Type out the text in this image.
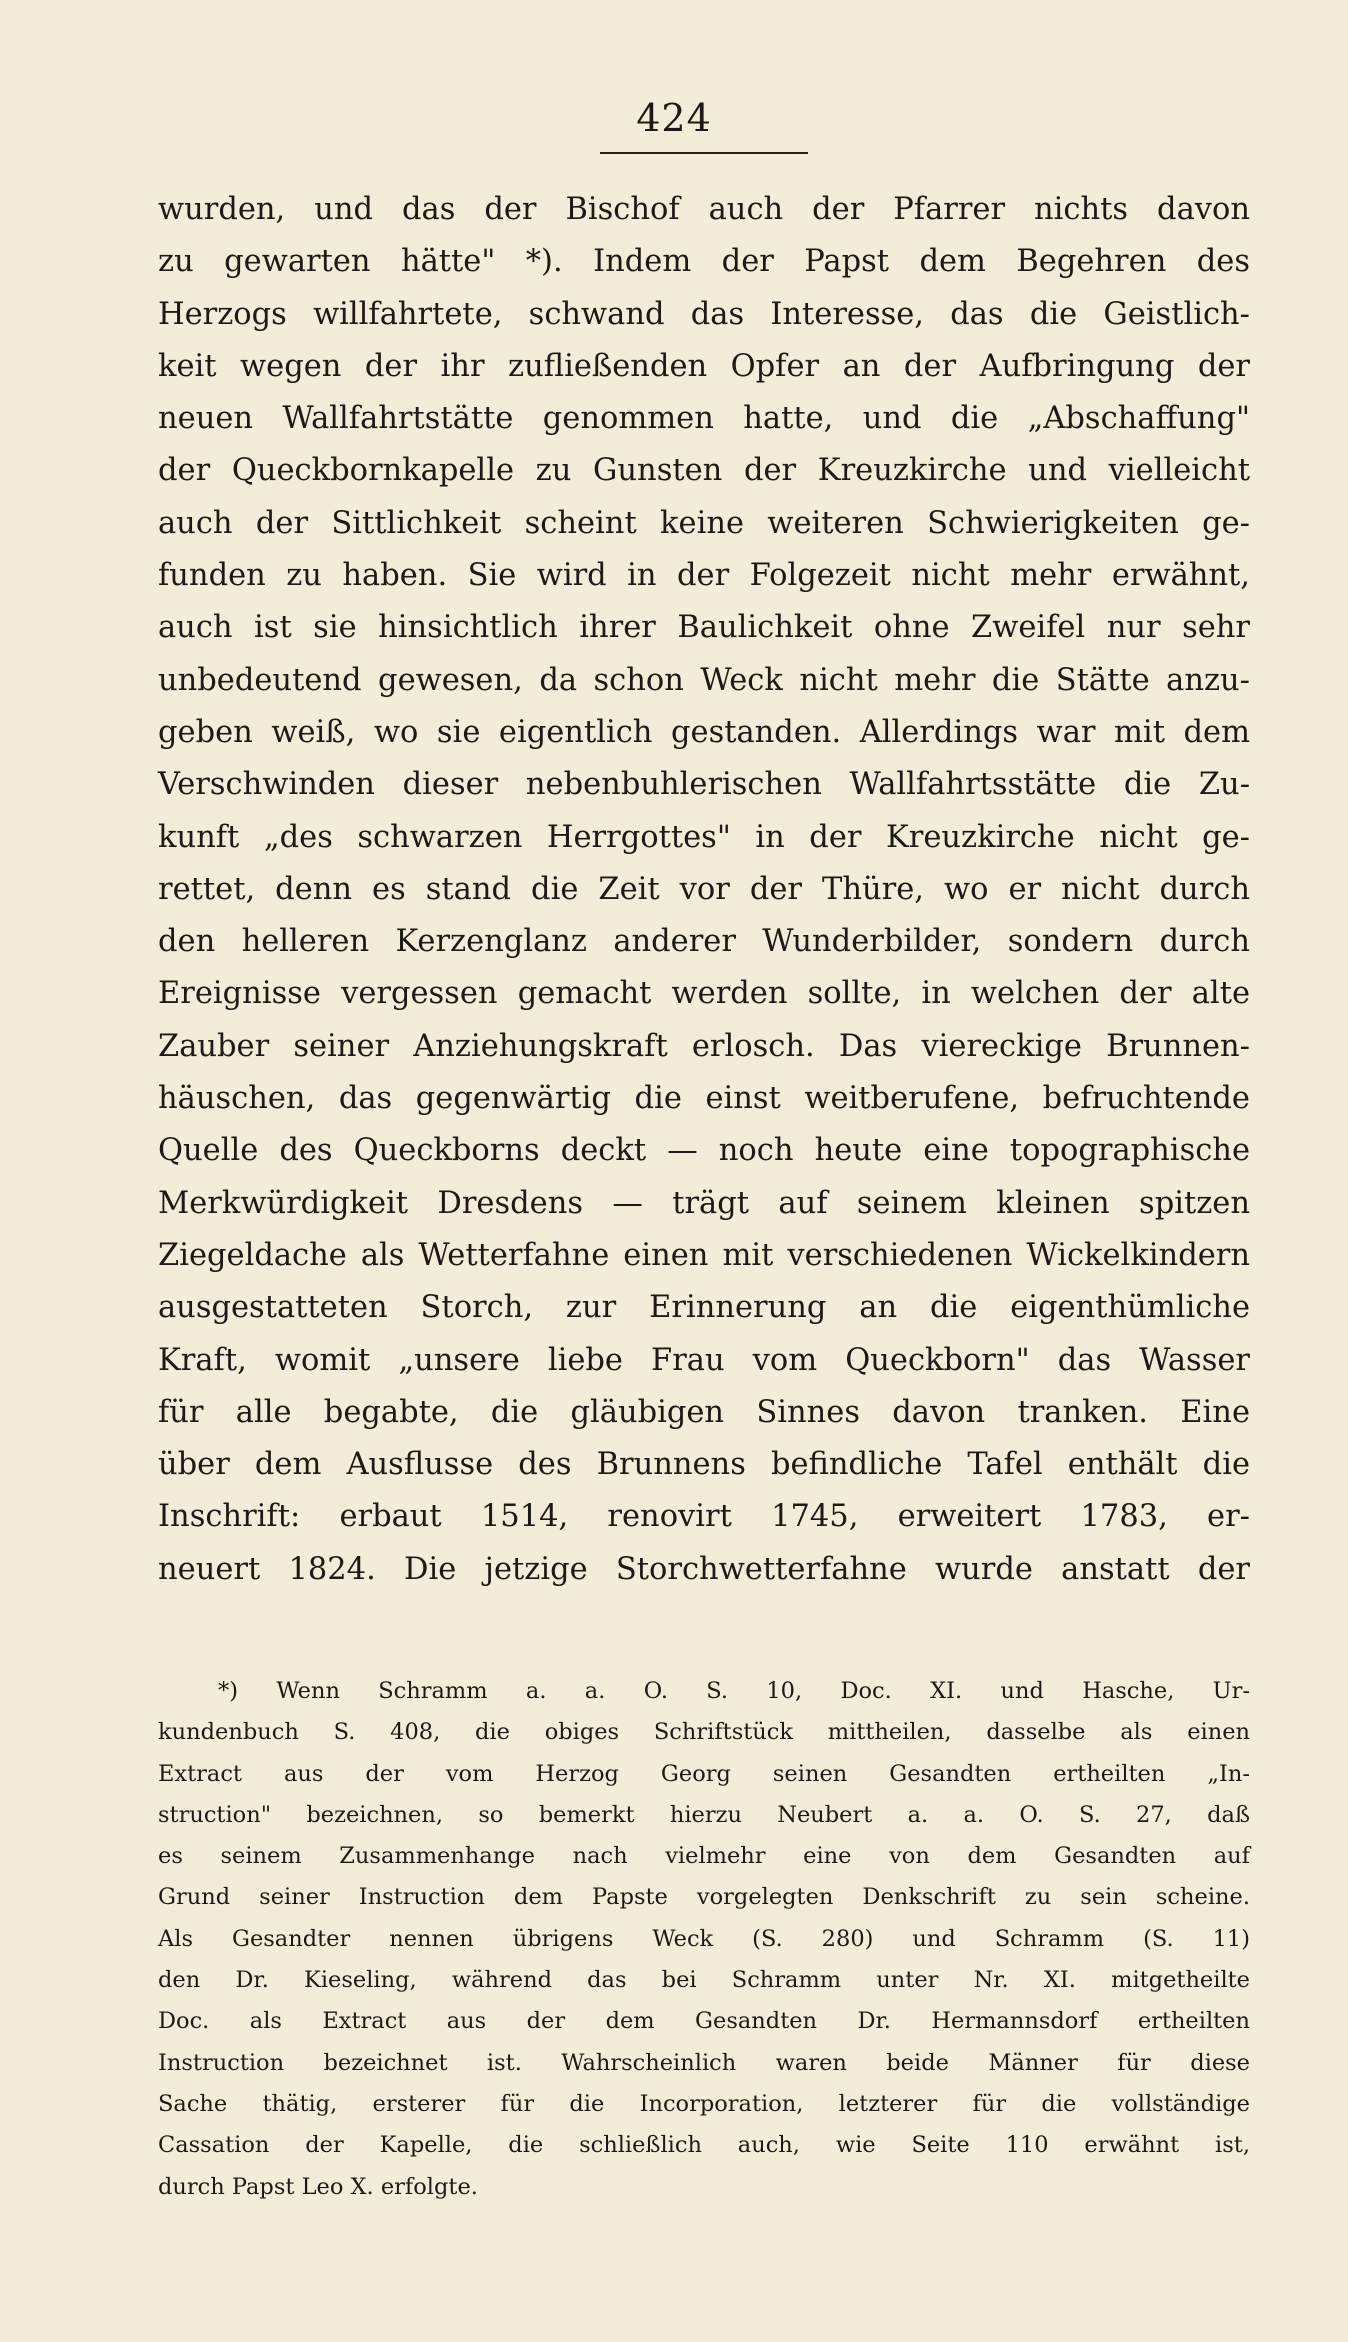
424
wurden, und das der Bischof auch der Pfarrer nichts davon
zu gewarten hätte" *). Indem der Papst dem Begehren des
Herzogs willfahrtete, schwand das Interesse, das die Geistlich-
keit wegen der ihr zufließenden Opfer an der Aufbringung der
neuen Wallfahrtstätte genommen hatte, und die „Abschaffung"
der Queckbornkapelle zu Gunsten der Kreuzkirche und vielleicht
auch der Sittlichkeit scheint keine weiteren Schwierigkeiten ge-
funden zu haben. Sie wird in der Folgezeit nicht mehr erwähnt,
auch ist sie hinsichtlich ihrer Baulichkeit ohne Zweifel nur sehr
unbedeutend gewesen, da schon Weck nicht mehr die Stätte anzu-
geben weiß, wo sie eigentlich gestanden. Allerdings war mit dem
Verschwinden dieser nebenbuhlerischen Wallfahrtsstätte die Zu-
kunft „des schwarzen Herrgottes" in der Kreuzkirche nicht ge-
rettet, denn es stand die Zeit vor der Thüre, wo er nicht durch
den helleren Kerzenglanz anderer Wunderbilder, sondern durch
Ereignisse vergessen gemacht werden sollte, in welchen der alte
Zauber seiner Anziehungskraft erlosch. Das viereckige Brunnen-
häuschen, das gegenwärtig die einst weitberufene, befruchtende
Quelle des Queckborns deckt — noch heute eine topographische
Merkwürdigkeit Dresdens — trägt auf seinem kleinen spitzen
Ziegeldache als Wetterfahne einen mit verschiedenen Wickelkindern
ausgestatteten Storch, zur Erinnerung an die eigenthümliche
Kraft, womit „unsere liebe Frau vom Queckborn" das Wasser
für alle begabte, die gläubigen Sinnes davon tranken. Eine
über dem Ausflusse des Brunnens befindliche Tafel enthält die
Inschrift: erbaut 1514, renovirt 1745, erweitert 1783, er-
neuert 1824. Die jetzige Storchwetterfahne wurde anstatt der
*) Wenn Schramm a. a. O. S. 10, Doc. XI. und Hasche, Ur-
kundenbuch S. 408, die obiges Schriftstück mittheilen, dasselbe als einen
Extract aus der vom Herzog Georg seinen Gesandten ertheilten „In-
struction" bezeichnen, so bemerkt hierzu Neubert a. a. O. S. 27, daß
es seinem Zusammenhange nach vielmehr eine von dem Gesandten auf
Grund seiner Instruction dem Papste vorgelegten Denkschrift zu sein scheine.
Als Gesandter nennen übrigens Weck (S. 280) und Schramm (S. 11)
den Dr. Kieseling, während das bei Schramm unter Nr. XI. mitgetheilte
Doc. als Extract aus der dem Gesandten Dr. Hermannsdorf ertheilten
Instruction bezeichnet ist. Wahrscheinlich waren beide Männer für diese
Sache thätig, ersterer für die Incorporation, letzterer für die vollständige
Cassation der Kapelle, die schließlich auch, wie Seite 110 erwähnt ist,
durch Papst Leo X. erfolgte.
